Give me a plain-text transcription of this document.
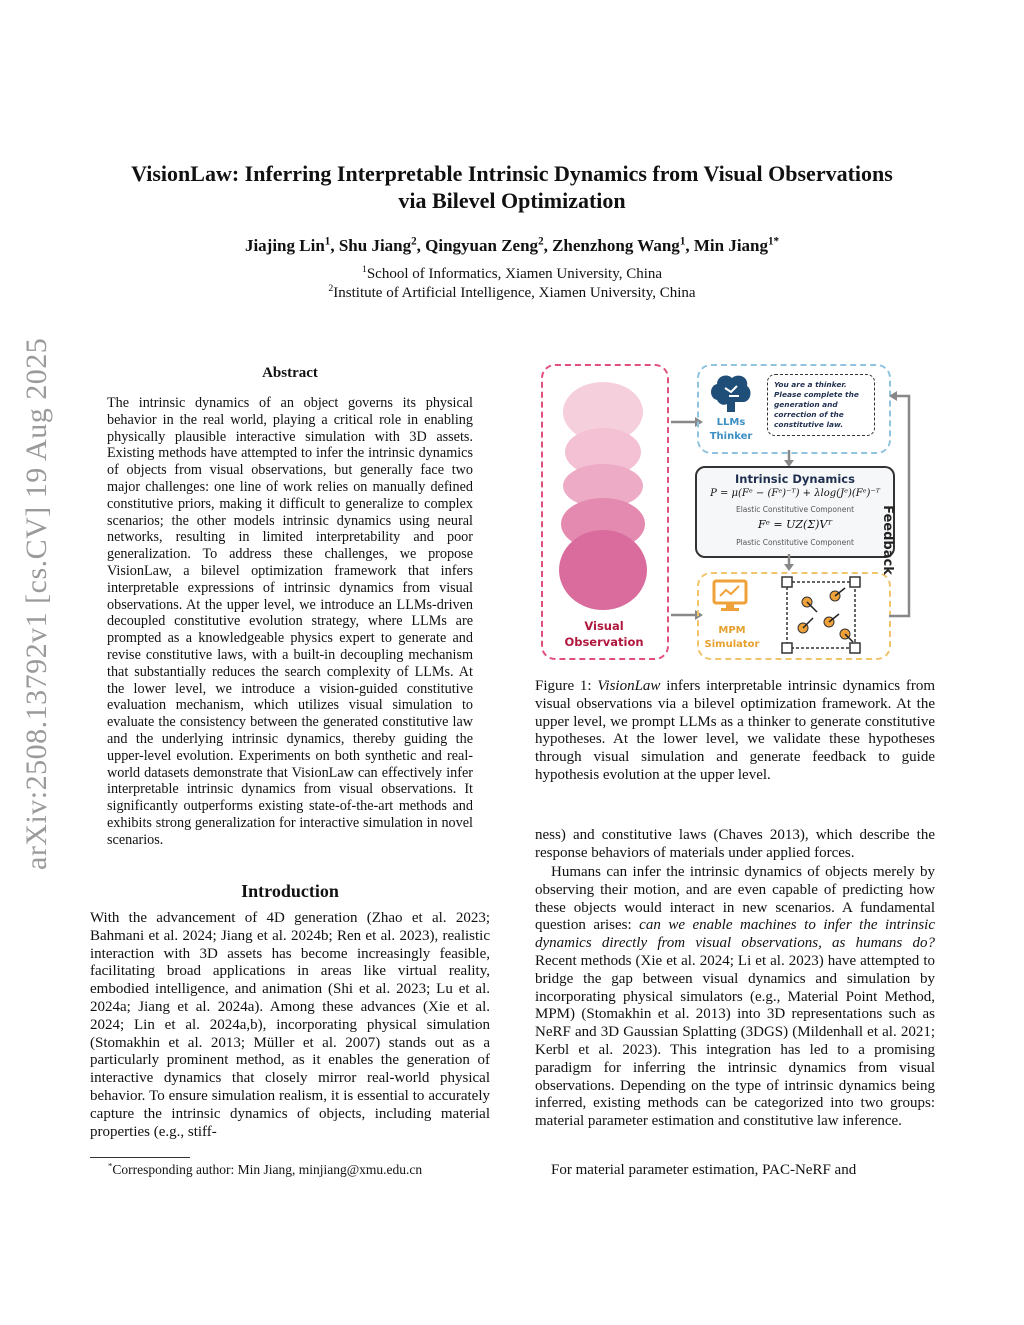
arXiv:2508.13792v1 [cs.CV] 19 Aug 2025
VisionLaw: Inferring Interpretable Intrinsic Dynamics from Visual Observations
via Bilevel Optimization
Jiajing Lin$^1$, Shu Jiang$^2$, Qingyuan Zeng$^2$, Zhenzhong Wang$^1$, Min Jiang$^{1*}$
$^1$School of Informatics, Xiamen University, China
$^2$Institute of Artificial Intelligence, Xiamen University, China
Abstract
The intrinsic dynamics of an object governs its physical behavior in the real world, playing a critical role in enabling physically plausible interactive simulation with 3D assets. Existing methods have attempted to infer the intrinsic dynamics of objects from visual observations, but generally face two major challenges: one line of work relies on manually defined constitutive priors, making it difficult to generalize to complex scenarios; the other models intrinsic dynamics using neural networks, resulting in limited interpretability and poor generalization. To address these challenges, we propose VisionLaw, a bilevel optimization framework that infers interpretable expressions of intrinsic dynamics from visual observations. At the upper level, we introduce an LLMs-driven decoupled constitutive evolution strategy, where LLMs are prompted as a knowledgeable physics expert to generate and revise constitutive laws, with a built-in decoupling mechanism that substantially reduces the search complexity of LLMs. At the lower level, we introduce a vision-guided constitutive evaluation mechanism, which utilizes visual simulation to evaluate the consistency between the generated constitutive law and the underlying intrinsic dynamics, thereby guiding the upper-level evolution. Experiments on both synthetic and real-world datasets demonstrate that VisionLaw can effectively infer interpretable intrinsic dynamics from visual observations. It significantly outperforms existing state-of-the-art methods and exhibits strong generalization for interactive simulation in novel scenarios.
Introduction
With the advancement of 4D generation (Zhao et al. 2023; Bahmani et al. 2024; Jiang et al. 2024b; Ren et al. 2023), realistic interaction with 3D assets has become increasingly feasible, facilitating broad applications in areas like virtual reality, embodied intelligence, and animation (Shi et al. 2023; Lu et al. 2024a; Jiang et al. 2024a). Among these advances (Xie et al. 2024; Lin et al. 2024a,b), incorporating physical simulation (Stomakhin et al. 2013; Müller et al. 2007) stands out as a particularly prominent method, as it enables the generation of interactive dynamics that closely mirror real-world physical behavior. To ensure simulation realism, it is essential to accurately capture the intrinsic dynamics of objects, including material properties (e.g., stiff-
*Corresponding author: Min Jiang, minjiang@xmu.edu.cn
Visual
Observation
LLMs
Thinker
You are a thinker. Please complete the generation and correction of the constitutive law.
Intrinsic Dynamics
P = μ(Fᵉ − (Fᵉ)⁻ᵀ) + λlog(Jᵉ)(Fᵉ)⁻ᵀ
Elastic Constitutive Component
Fᵉ = UZ(Σ)Vᵀ
Plastic Constitutive Component
MPM
Simulator
Feedback
Figure 1: VisionLaw infers interpretable intrinsic dynamics from visual observations via a bilevel optimization framework. At the upper level, we prompt LLMs as a thinker to generate constitutive hypotheses. At the lower level, we validate these hypotheses through visual simulation and generate feedback to guide hypothesis evolution at the upper level.
ness) and constitutive laws (Chaves 2013), which describe the response behaviors of materials under applied forces.
Humans can infer the intrinsic dynamics of objects merely by observing their motion, and are even capable of predicting how these objects would interact in new scenarios. A fundamental question arises: can we enable machines to infer the intrinsic dynamics directly from visual observations, as humans do? Recent methods (Xie et al. 2024; Li et al. 2023) have attempted to bridge the gap between visual dynamics and simulation by incorporating physical simulators (e.g., Material Point Method, MPM) (Stomakhin et al. 2013) into 3D representations such as NeRF and 3D Gaussian Splatting (3DGS) (Mildenhall et al. 2021; Kerbl et al. 2023). This integration has led to a promising paradigm for inferring the intrinsic dynamics from visual observations. Depending on the type of intrinsic dynamics being inferred, existing methods can be categorized into two groups: material parameter estimation and constitutive law inference.
For material parameter estimation, PAC-NeRF and
